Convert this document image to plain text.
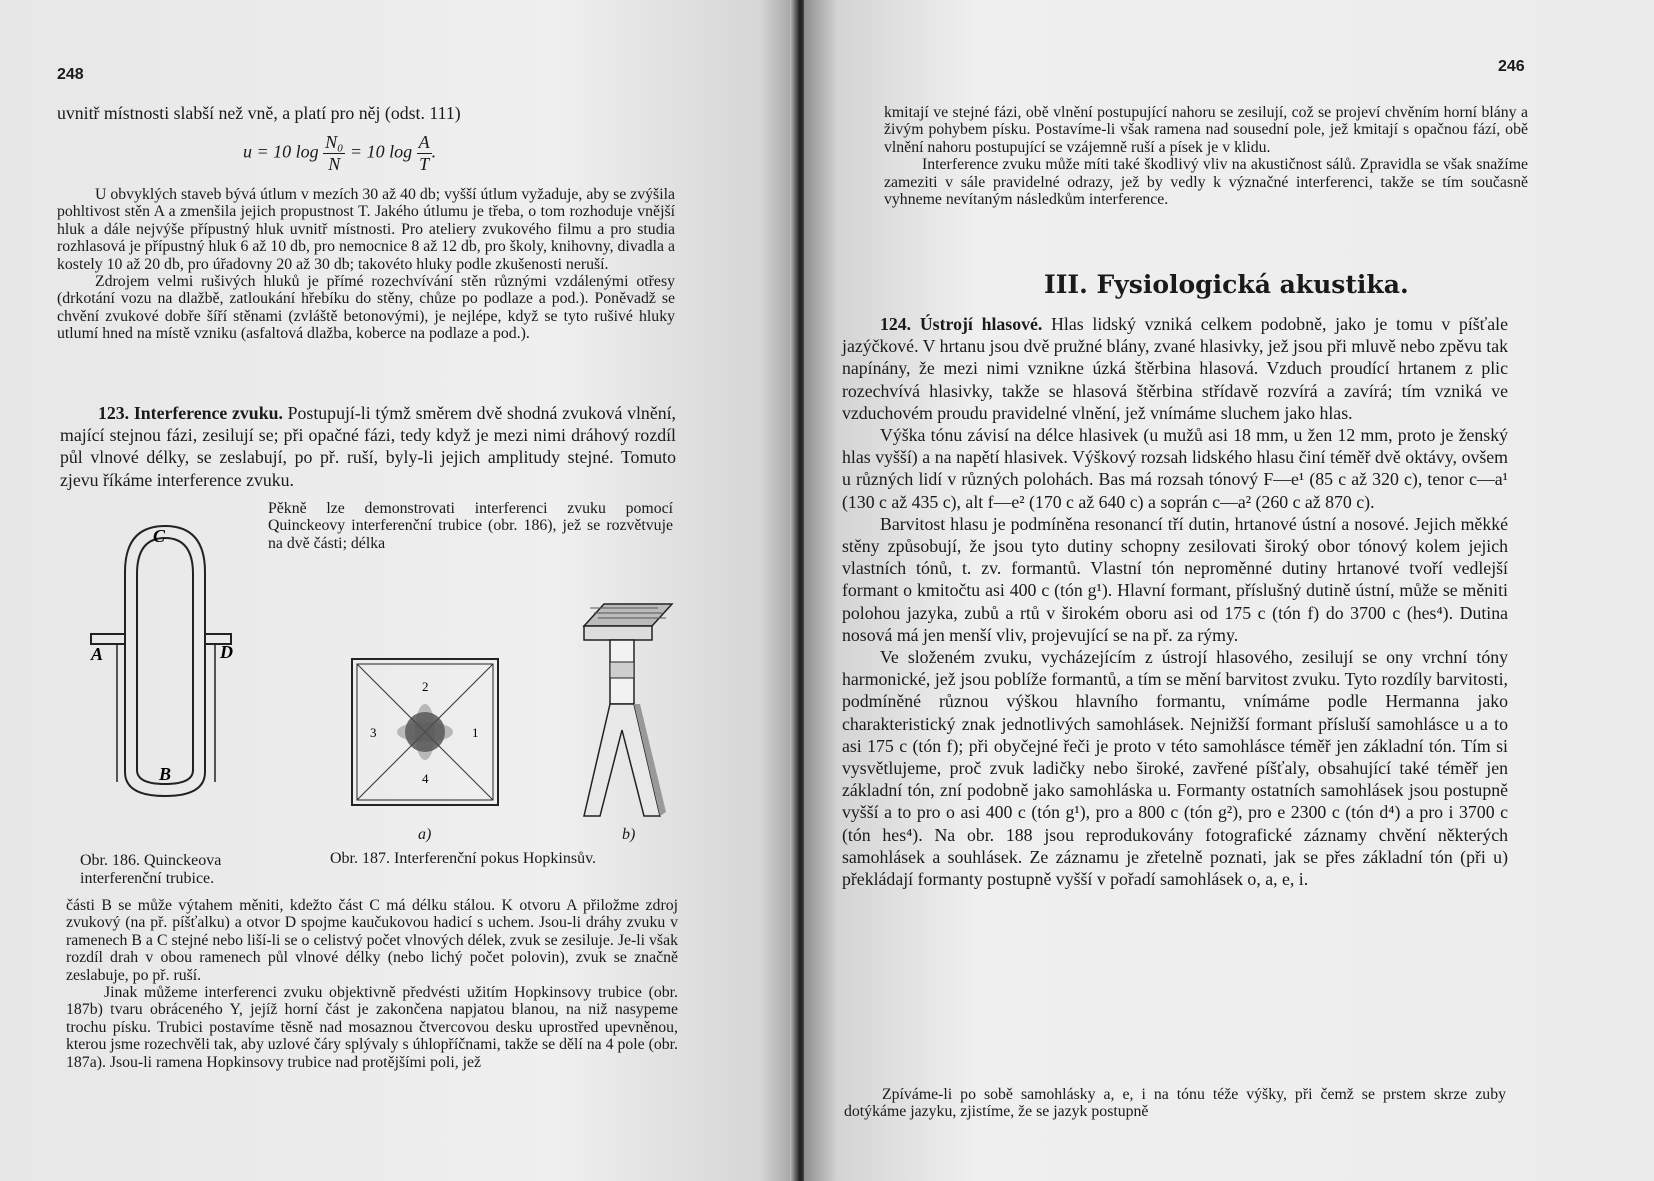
248
uvnitř místnosti slabší než vně, a platí pro něj (odst. 111)
u = 10 $\log \frac{\text{N₀}}{N} = 10$ $\log \frac{A}{T}$ .

U obvyklých staveb bývá útlum v mezích 30 až 40 db; vyšší útlum vyžaduje, aby se zvýšila pohltivost stěn A a zmenšila jejich propustnost T. Jakého útlumu je třeba, o tom rozhoduje vnější hluk a dále nejvýše přípustný hluk uvnitř místnosti. Pro ateliery zvukového filmu a pro studia rozhlasová je přípustný hluk 6 až 10 db, pro nemocnice 8 až 12 db, pro školy, knihovny, divadla a kostely 10 až 20 db, pro úřadovny 20 až 30 db; takovéto hluky podle zkušenosti neruší.

Zdrojem velmi rušivých hluků je přímé rozechvívání stěn různými vzdálenými otřesy (drkotání vozu na dlažbě, zatloukání hřebíku do stěny, chůze po podlaze a pod.). Poněvadž se chvění zvukové dobře šíří stěnami (zvláště betonovými), je nejlépe, když se tyto rušivé hluky utlumí hned na místě vzniku (asfaltová dlažba, koberce na podlaze a pod.).

123. Interference zvuku. Postupují-li týmž směrem dvě shodná zvuková vlnění, mající stejnou fázi, zesilují se; při opačné fázi, tedy když je mezi nimi dráhový rozdíl půl vlnové délky, se zeslabují, po př. ruší, byly-li jejich amplitudy stejné. Tomuto zjevu říkáme interference zvuku.

Pěkně lze demonstrovati interferenci zvuku pomocí Quinckeovy interferenční trubice (obr. 186), jež se rozvětvuje na dvě části; délka
C
A	D
B
2
3	1
4
a)	b)
Obr. 186. Quinckeova interferenční trubice.
Obr. 187. Interferenční pokus Hopkinsův.

části B se může výtahem měniti, kdežto část C má délku stálou. K otvoru A přiložme zdroj zvukový (na př. píšťalku) a otvor D spojme kaučukovou hadicí s uchem. Jsou-li dráhy zvuku v ramenech B a C stejné nebo liší-li se o celistvý počet vlnových délek, zvuk se zesiluje. Je-li však rozdíl drah v obou ramenech půl vlnové délky (nebo lichý počet polovin), zvuk se značně zeslabuje, po př. ruší.

Jinak můžeme interferenci zvuku objektivně předvésti užitím Hopkinsovy trubice (obr. 187b) tvaru obráceného Y, jejíž horní část je zakončena napjatou blanou, na niž nasypeme trochu písku. Trubici postavíme těsně nad mosaznou čtvercovou desku uprostřed upevněnou, kterou jsme rozechvěli tak, aby uzlové čáry splývaly s úhlopříčnami, takže se dělí na 4 pole (obr. 187a). Jsou-li ramena Hopkinsovy trubice nad protějšími poli, jež

246

kmitají ve stejné fázi, obě vlnění postupující nahoru se zesilují, což se projeví chvěním horní blány a živým pohybem písku. Postavíme-li však ramena nad sousední pole, jež kmitají s opačnou fází, obě vlnění nahoru postupující se vzájemně ruší a písek je v klidu.

Interference zvuku může míti také škodlivý vliv na akustičnost sálů. Zpravidla se však snažíme zameziti v sále pravidelné odrazy, jež by vedly k význačné interferenci, takže se tím současně vyhneme nevítaným následkům interference.

III. Fysiologická akustika.

124. Ústrojí hlasové. Hlas lidský vzniká celkem podobně, jako je tomu v píšťale jazýčkové. V hrtanu jsou dvě pružné blány, zvané hlasivky, jež jsou při mluvě nebo zpěvu tak napínány, že mezi nimi vznikne úzká štěrbina hlasová. Vzduch proudící hrtanem z plic rozechvívá hlasivky, takže se hlasová štěrbina střídavě rozvírá a zavírá; tím vzniká ve vzduchovém proudu pravidelné vlnění, jež vnímáme sluchem jako hlas.

Výška tónu závisí na délce hlasivek (u mužů asi 18 mm, u žen 12 mm, proto je ženský hlas vyšší) a na napětí hlasivek. Výškový rozsah lidského hlasu činí téměř dvě oktávy, ovšem u různých lidí v různých polohách. Bas má rozsah tónový F—e¹ (85 c až 320 c), tenor c—a¹ (130 c až 435 c), alt f—e² (170 c až 640 c) a soprán c—a² (260 c až 870 c).

Barvitost hlasu je podmíněna resonancí tří dutin, hrtanové ústní a nosové. Jejich měkké stěny způsobují, že jsou tyto dutiny schopny zesilovati široký obor tónový kolem jejich vlastních tónů, t. zv. formantů. Vlastní tón neproměnné dutiny hrtanové tvoří vedlejší formant o kmitočtu asi 400 c (tón g¹). Hlavní formant, příslušný dutině ústní, může se měniti polohou jazyka, zubů a rtů v širokém oboru asi od 175 c (tón f) do 3700 c (hes⁴). Dutina nosová má jen menší vliv, projevující se na př. za rýmy.

Ve složeném zvuku, vycházejícím z ústrojí hlasového, zesilují se ony vrchní tóny harmonické, jež jsou poblíže formantů, a tím se mění barvitost zvuku. Tyto rozdíly barvitosti, podmíněné různou výškou hlavního formantu, vnímáme podle Hermanna jako charakteristický znak jednotlivých samohlásek. Nejnižší formant přísluší samohlásce u a to asi 175 c (tón f); při obyčejné řeči je proto v této samohlásce téměř jen základní tón. Tím si vysvětlujeme, proč zvuk ladičky nebo široké, zavřené píšťaly, obsahující také téměř jen základní tón, zní podobně jako samohláska u. Formanty ostatních samohlásek jsou postupně vyšší a to pro o asi 400 c (tón g¹), pro a 800 c (tón g²), pro e 2300 c (tón d⁴) a pro i 3700 c (tón hes⁴). Na obr. 188 jsou reprodukovány fotografické záznamy chvění některých samohlásek a souhlásek. Ze záznamu je zřetelně poznati, jak se přes základní tón (při u) překládají formanty postupně vyšší v pořadí samohlásek o, a, e, i.

Zpíváme-li po sobě samohlásky a, e, i na tónu téže výšky, při čemž se prstem skrze zuby dotýkáme jazyku, zjistíme, že se jazyk postupně
